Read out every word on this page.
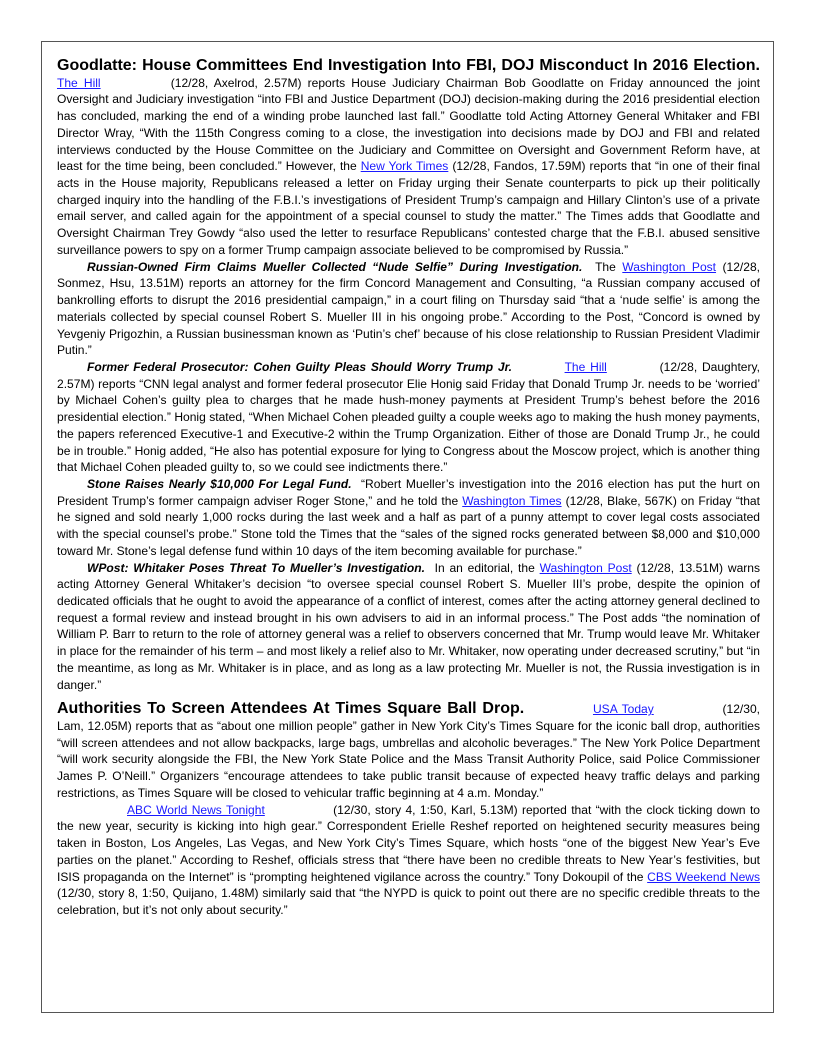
Goodlatte: House Committees End Investigation Into FBI, DOJ Misconduct In 2016 Election. The Hill	(12/28, Axelrod, 2.57M) reports House Judiciary Chairman Bob Goodlatte on Friday announced the joint Oversight and Judiciary investigation “into FBI and Justice Department (DOJ) decision-making during the 2016 presidential election has concluded, marking the end of a winding probe launched last fall.” Goodlatte told Acting Attorney General Whitaker and FBI Director Wray, “With the 115th Congress coming to a close, the investigation into decisions made by DOJ and FBI and related interviews conducted by the House Committee on the Judiciary and Committee on Oversight and Government Reform have, at least for the time being, been concluded.” However, the New York Times (12/28, Fandos, 17.59M) reports that “in one of their final acts in the House majority, Republicans released a letter on Friday urging their Senate counterparts to pick up their politically charged inquiry into the handling of the F.B.I.’s investigations of President Trump’s campaign and Hillary Clinton’s use of a private email server, and called again for the appointment of a special counsel to study the matter.” The Times adds that Goodlatte and Oversight Chairman Trey Gowdy “also used the letter to resurface Republicans’ contested charge that the F.B.I. abused sensitive surveillance powers to spy on a former Trump campaign associate believed to be compromised by Russia.”

Russian-Owned Firm Claims Mueller Collected “Nude Selfie” During Investigation. The Washington Post (12/28, Sonmez, Hsu, 13.51M) reports an attorney for the firm Concord Management and Consulting, “a Russian company accused of bankrolling efforts to disrupt the 2016 presidential campaign,” in a court filing on Thursday said “that a ‘nude selfie’ is among the materials collected by special counsel Robert S. Mueller III in his ongoing probe.” According to the Post, “Concord is owned by Yevgeniy Prigozhin, a Russian businessman known as ‘Putin’s chef’ because of his close relationship to Russian President Vladimir Putin.”

Former Federal Prosecutor: Cohen Guilty Pleas Should Worry Trump Jr.	The Hill	(12/28, Daughtery, 2.57M) reports “CNN legal analyst and former federal prosecutor Elie Honig said Friday that Donald Trump Jr. needs to be ‘worried’ by Michael Cohen’s guilty plea to charges that he made hush-money payments at President Trump’s behest before the 2016 presidential election.” Honig stated, “When Michael Cohen pleaded guilty a couple weeks ago to making the hush money payments, the papers referenced Executive-1 and Executive-2 within the Trump Organization. Either of those are Donald Trump Jr., he could be in trouble.” Honig added, “He also has potential exposure for lying to Congress about the Moscow project, which is another thing that Michael Cohen pleaded guilty to, so we could see indictments there.”

Stone Raises Nearly $10,000 For Legal Fund. “Robert Mueller’s investigation into the 2016 election has put the hurt on President Trump’s former campaign adviser Roger Stone,” and he told the Washington Times (12/28, Blake, 567K) on Friday “that he signed and sold nearly 1,000 rocks during the last week and a half as part of a punny attempt to cover legal costs associated with the special counsel’s probe.” Stone told the Times that the “sales of the signed rocks generated between $8,000 and $10,000 toward Mr. Stone’s legal defense fund within 10 days of the item becoming available for purchase.”

WPost: Whitaker Poses Threat To Mueller’s Investigation. In an editorial, the Washington Post (12/28, 13.51M) warns acting Attorney General Whitaker’s decision “to oversee special counsel Robert S. Mueller III’s probe, despite the opinion of dedicated officials that he ought to avoid the appearance of a conflict of interest, comes after the acting attorney general declined to request a formal review and instead brought in his own advisers to aid in an informal process.” The Post adds “the nomination of William P. Barr to return to the role of attorney general was a relief to observers concerned that Mr. Trump would leave Mr. Whitaker in place for the remainder of his term – and most likely a relief also to Mr. Whitaker, now operating under decreased scrutiny,” but “in the meantime, as long as Mr. Whitaker is in place, and as long as a law protecting Mr. Mueller is not, the Russia investigation is in danger.”

Authorities To Screen Attendees At Times Square Ball Drop.	USA Today	(12/30, Lam, 12.05M) reports that as “about one million people” gather in New York City’s Times Square for the iconic ball drop, authorities “will screen attendees and not allow backpacks, large bags, umbrellas and alcoholic beverages.” The New York Police Department “will work security alongside the FBI, the New York State Police and the Mass Transit Authority Police, said Police Commissioner James P. O’Neill.” Organizers “encourage attendees to take public transit because of expected heavy traffic delays and parking restrictions, as Times Square will be closed to vehicular traffic beginning at 4 a.m. Monday.”

ABC World News Tonight	(12/30, story 4, 1:50, Karl, 5.13M) reported that “with the clock ticking down to the new year, security is kicking into high gear.” Correspondent Erielle Reshef reported on heightened security measures being taken in Boston, Los Angeles, Las Vegas, and New York City’s Times Square, which hosts “one of the biggest New Year’s Eve parties on the planet.” According to Reshef, officials stress that “there have been no credible threats to New Year’s festivities, but ISIS propaganda on the Internet” is “prompting heightened vigilance across the country.” Tony Dokoupil of the CBS Weekend News (12/30, story 8, 1:50, Quijano, 1.48M) similarly said that “the NYPD is quick to point out there are no specific credible threats to the celebration, but it’s not only about security.”
